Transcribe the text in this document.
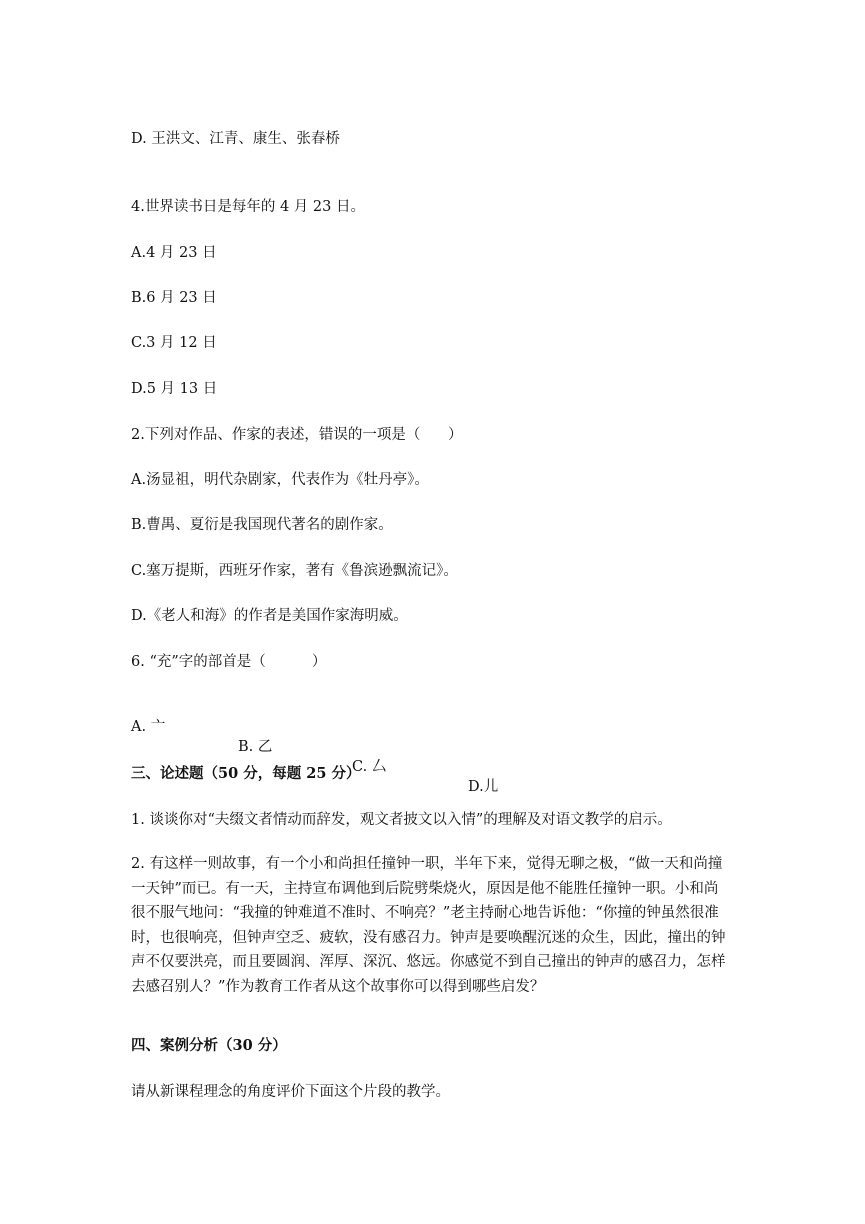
D. 王洪文、江青、康生、张春桥
4.世界读书日是每年的 4 月 23 日。
A.4 月 23 日
B.6 月 23 日
C.3 月 12 日
D.5 月 13 日
2.下列对作品、作家的表述，错误的一项是（      ）
A.汤显祖，明代杂剧家，代表作为《牡丹亭》。
B.曹禺、夏衍是我国现代著名的剧作家。
C.塞万提斯，西班牙作家，著有《鲁滨逊飘流记》。
D.《老人和海》的作者是美国作家海明威。
6. “充”字的部首是（          ）

A. 亠

B. 乙

C. 厶

D.儿

三、论述题（50 分，每题 25 分）
1. 谈谈你对“夫缀文者情动而辞发，观文者披文以入情”的理解及对语文教学的启示。
2. 有这样一则故事，有一个小和尚担任撞钟一职，半年下来，觉得无聊之极，“做一天和尚撞一天钟”而已。有一天，主持宣布调他到后院劈柴烧火，原因是他不能胜任撞钟一职。小和尚很不服气地问：“我撞的钟难道不准时、不响亮？”老主持耐心地告诉他：“你撞的钟虽然很准时，也很响亮，但钟声空乏、疲软，没有感召力。钟声是要唤醒沉迷的众生，因此，撞出的钟声不仅要洪亮，而且要圆润、浑厚、深沉、悠远。你感觉不到自己撞出的钟声的感召力，怎样去感召别人？”作为教育工作者从这个故事你可以得到哪些启发？
四、案例分析（30 分）
请从新课程理念的角度评价下面这个片段的教学。
